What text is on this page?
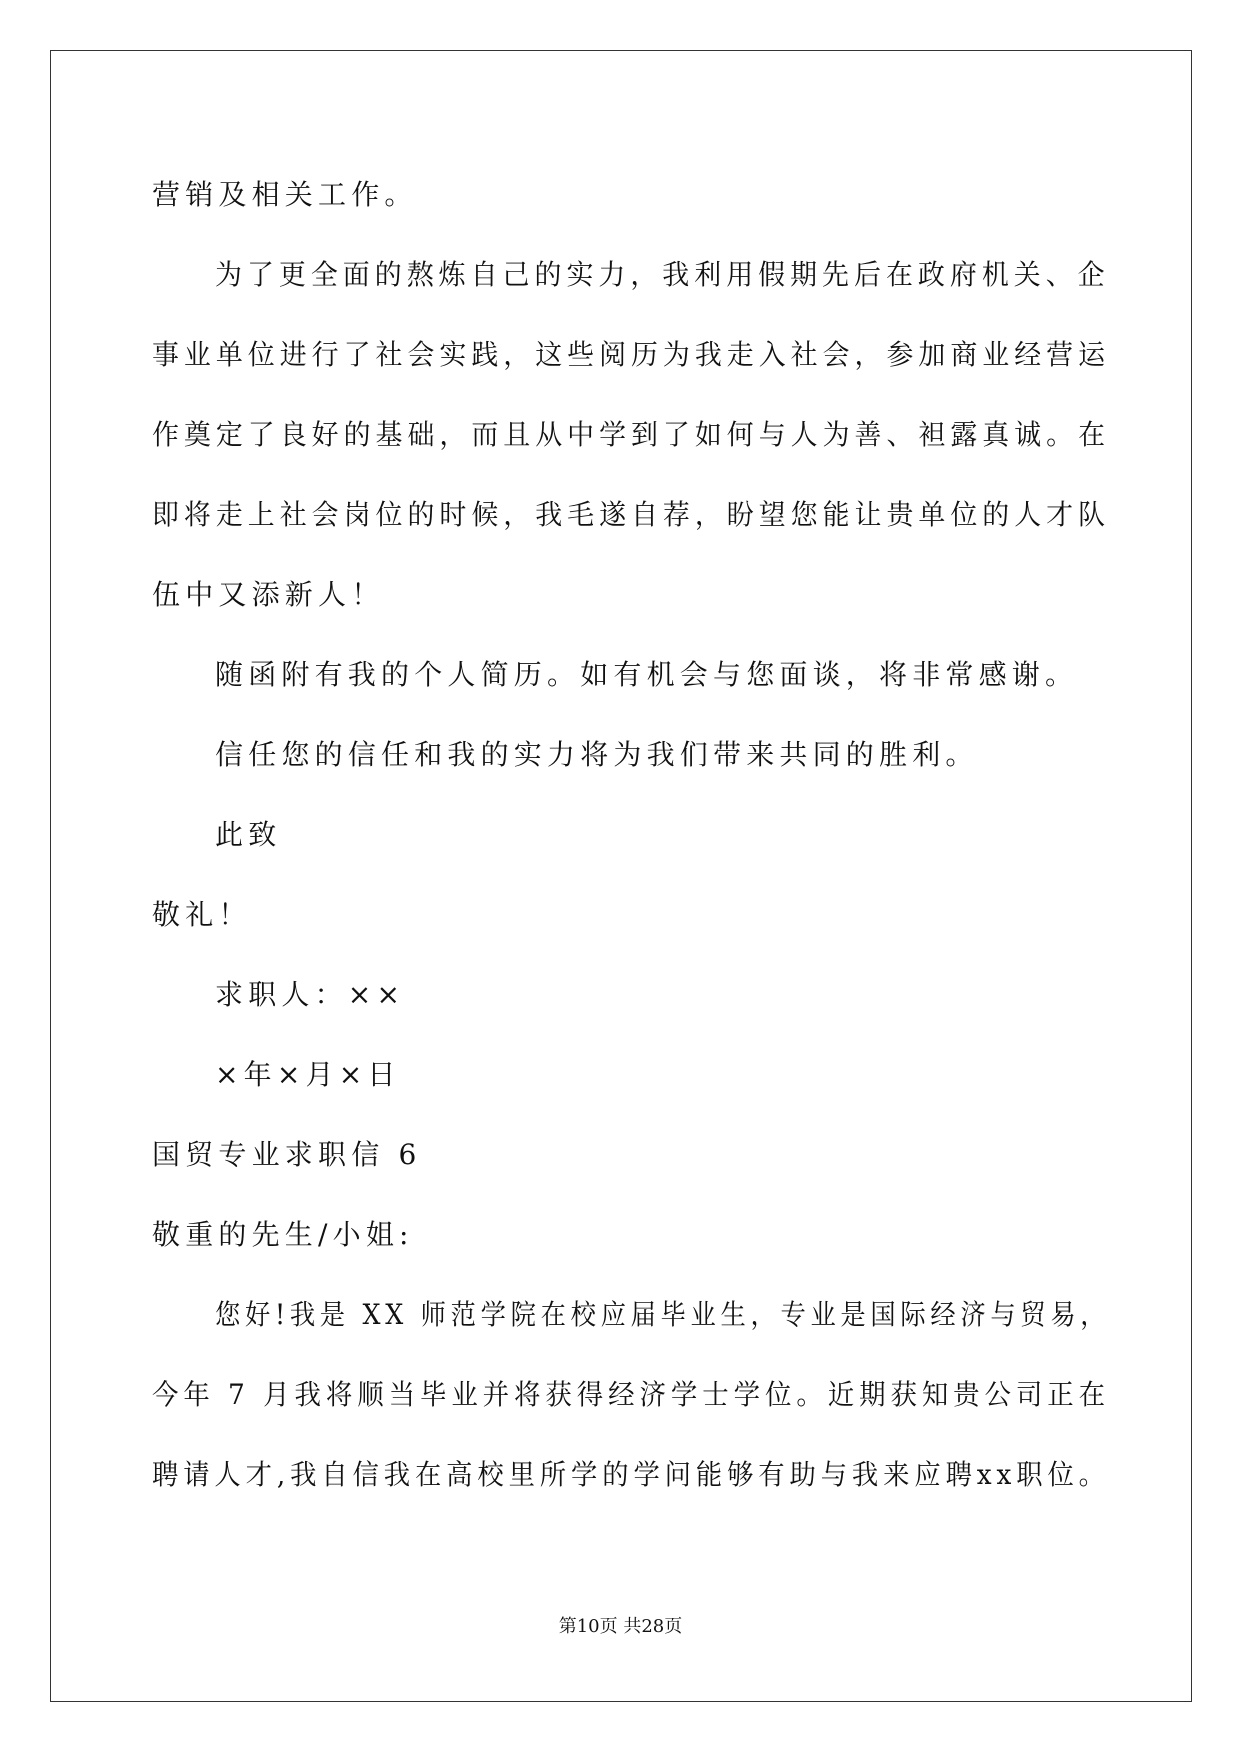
营销及相关工作。
为了更全面的熬炼自己的实力，我利用假期先后在政府机关、企
事业单位进行了社会实践，这些阅历为我走入社会，参加商业经营运
作奠定了良好的基础，而且从中学到了如何与人为善、袒露真诚。在
即将走上社会岗位的时候，我毛遂自荐，盼望您能让贵单位的人才队
伍中又添新人！
随函附有我的个人简历。如有机会与您面谈，将非常感谢。
信任您的信任和我的实力将为我们带来共同的胜利。
此致
敬礼！
求职人：××
×年×月×日
国贸专业求职信 6
敬重的先生/小姐:
您好!我是 XX 师范学院在校应届毕业生，专业是国际经济与贸易，
今年 7 月我将顺当毕业并将获得经济学士学位。近期获知贵公司正在
聘请人才,我自信我在高校里所学的学问能够有助与我来应聘xx职位。
第10页 共28页
